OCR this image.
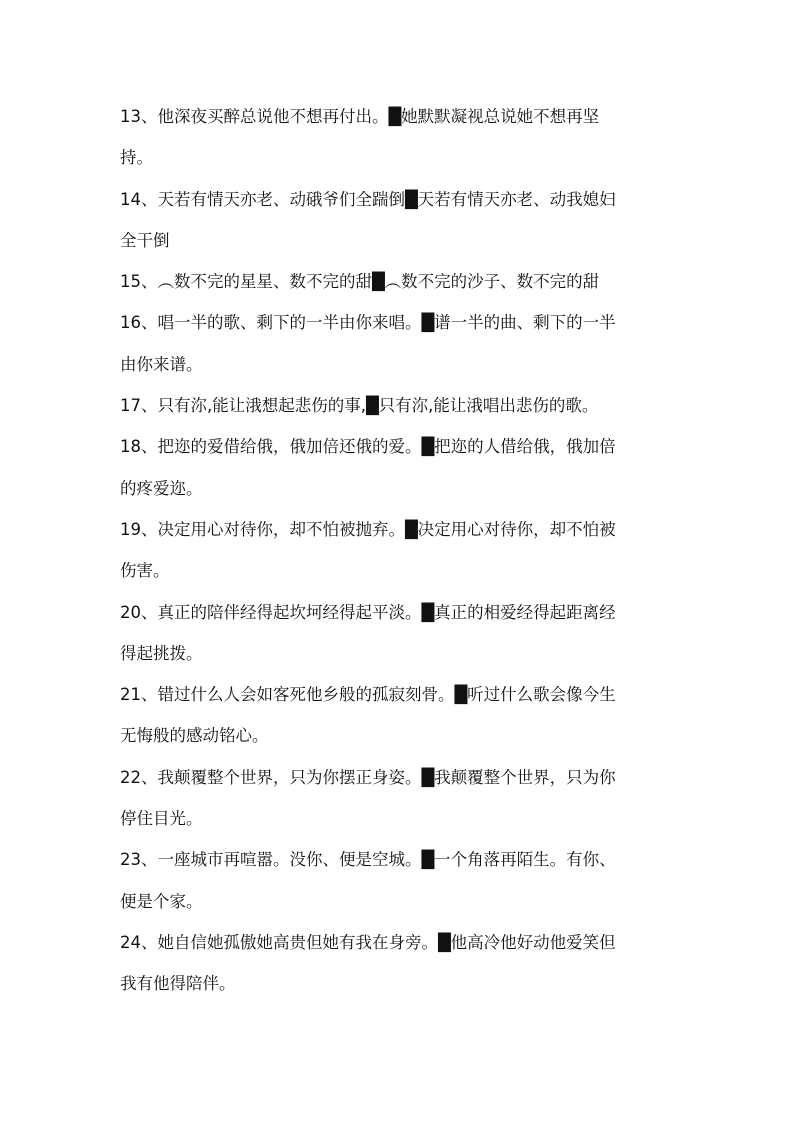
13、他深夜买醉总说他不想再付出。█她默默凝视总说她不想再坚
持。
14、天若有情天亦老、动硪爷们全踹倒█天若有情天亦老、动我媳妇
全干倒
15、︵数不完的星星、数不完的甜█︵数不完的沙子、数不完的甜
16、唱一半的歌、剩下的一半由你来唱。█谱一半的曲、剩下的一半
由你来谱。
17、只有沵,能让涐想起悲伤的事,█只有沵,能让涐唱出悲伤的歌。
18、把迩的爱借给俄，俄加倍还俄的爱。█把迩的人借给俄，俄加倍
的疼爱迩。
19、决定用心对待你，却不怕被抛弃。█决定用心对待你，却不怕被
伤害。
20、真正的陪伴经得起坎坷经得起平淡。█真正的相爱经得起距离经
得起挑拨。
21、错过什么人会如客死他乡般的孤寂刻骨。█听过什么歌会像今生
无悔般的感动铭心。
22、我颠覆整个世界，只为你摆正身姿。█我颠覆整个世界，只为你
停住目光。
23、一座城市再喧嚣。没你、便是空城。█一个角落再陌生。有你、
便是个家。
24、她自信她孤傲她高贵但她有我在身旁。█他高冷他好动他爱笑但
我有他得陪伴。
